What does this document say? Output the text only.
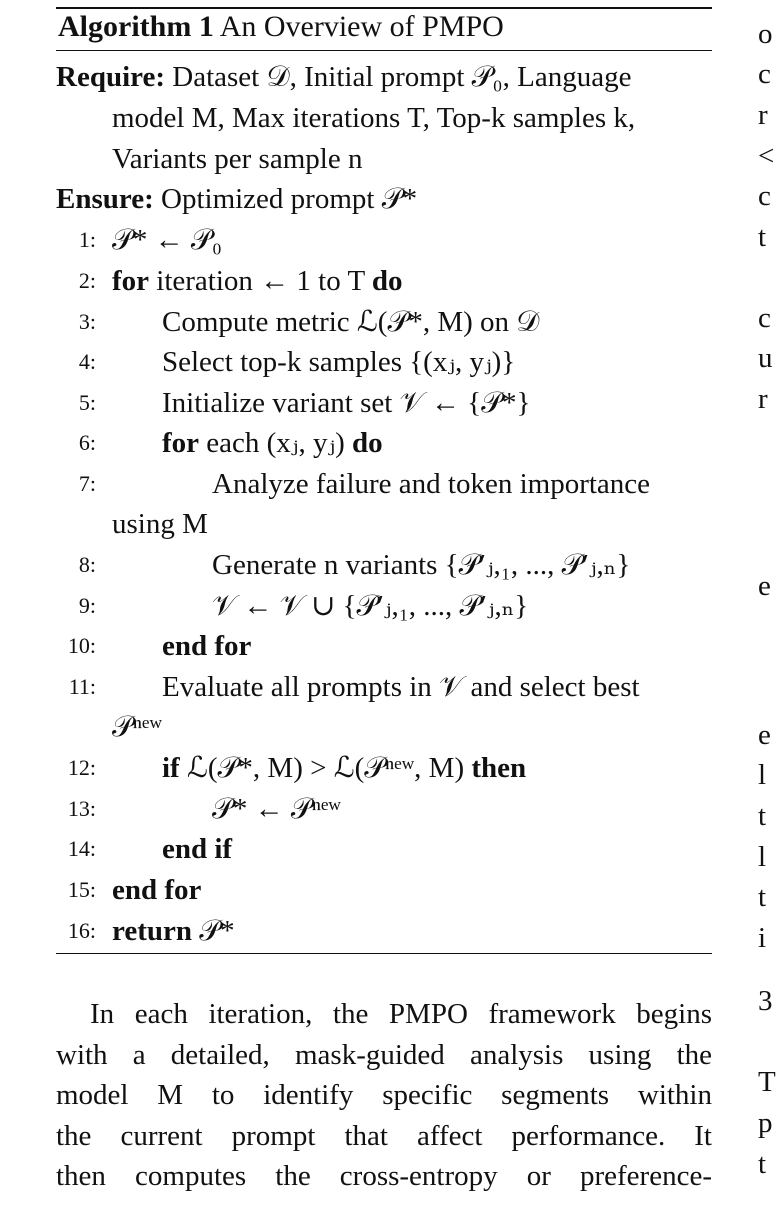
Algorithm 1 An Overview of PMPO
Require: Dataset 𝒟, Initial prompt 𝒫₀, Language
model M, Max iterations T, Top-k samples k,
Variants per sample n
Ensure: Optimized prompt 𝒫*
1: 𝒫* ← 𝒫₀
2: for iteration ← 1 to T do
3: Compute metric ℒ(𝒫*, M) on 𝒟
4: Select top-k samples {(xⱼ, yⱼ)}
5: Initialize variant set 𝒱 ← {𝒫*}
6: for each (xⱼ, yⱼ) do
7:	Analyze failure and token importance
using M
8:	Generate n variants {𝒫′ⱼ,₁, ..., 𝒫′ⱼ,ₙ}
9:	𝒱 ← 𝒱 ∪ {𝒫′ⱼ,₁, ..., 𝒫′ⱼ,ₙ}
10: end for
11: Evaluate all prompts in 𝒱 and select best
𝒫ⁿᵉʷ
12: if ℒ(𝒫*, M) > ℒ(𝒫ⁿᵉʷ, M) then
13:	𝒫* ← 𝒫ⁿᵉʷ
14: end if
15: end for
16: return 𝒫*
In each iteration, the PMPO framework begins
with a detailed, mask-guided analysis using the
model M to identify specific segments within
the current prompt that affect performance. It
then computes the cross-entropy or preference-
o
c
r
<
c
t
c
u
r
e
e
l
t
l
t
i
3
T
p
t
